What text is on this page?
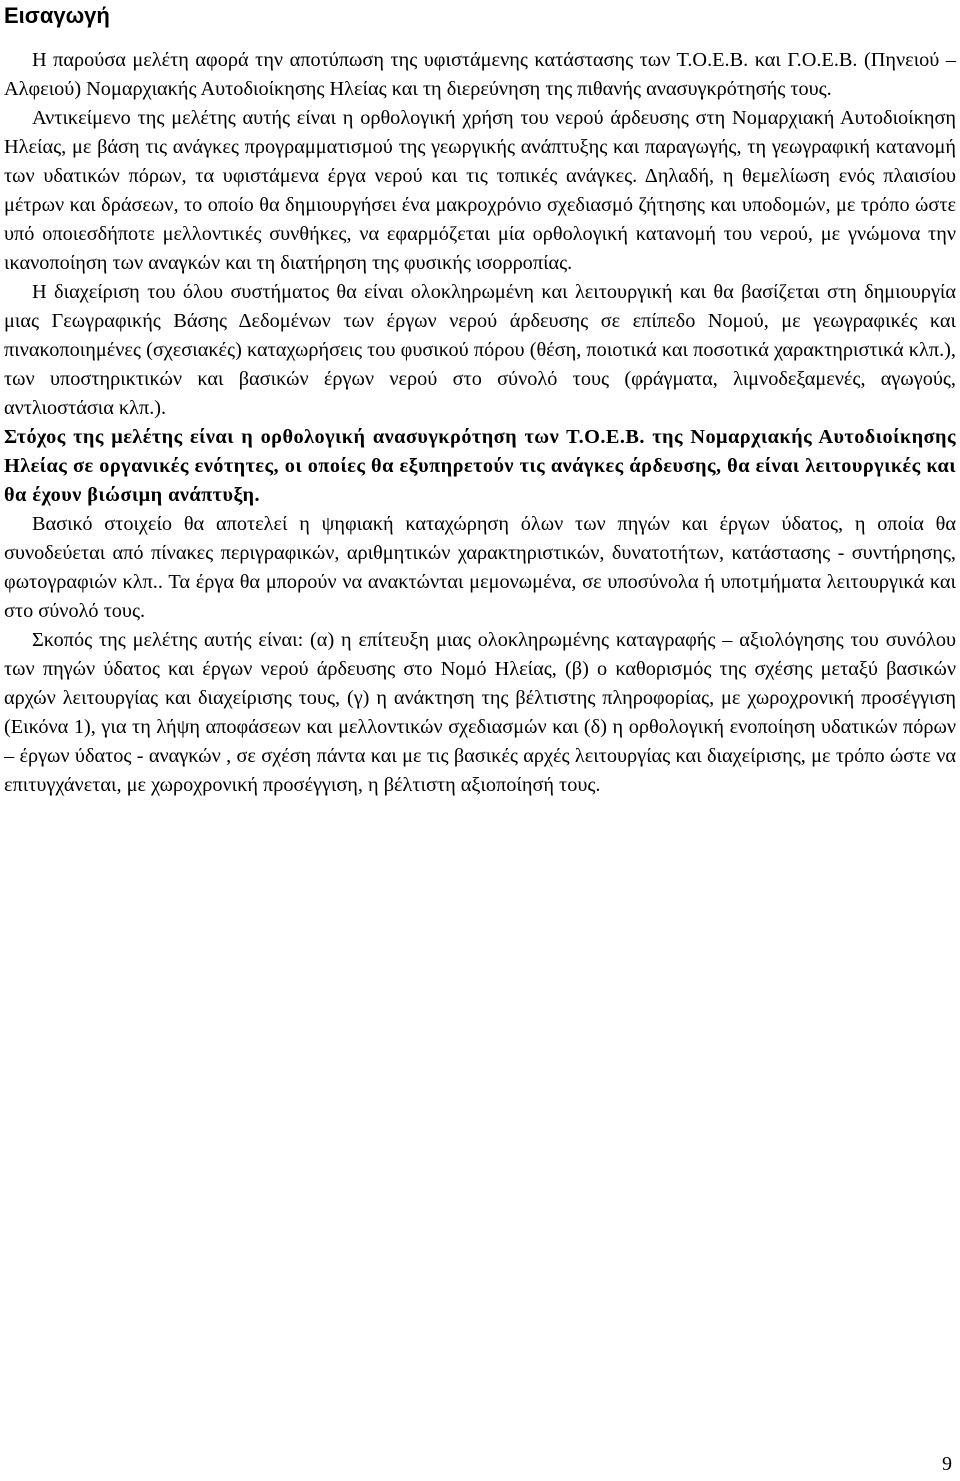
Εισαγωγή

Η παρούσα μελέτη αφορά την αποτύπωση της υφιστάμενης κατάστασης των Τ.Ο.Ε.Β. και Γ.Ο.Ε.Β. (Πηνειού – Αλφειού) Νομαρχιακής Αυτοδιοίκησης Ηλείας και τη διερεύνηση της πιθανής ανασυγκρότησής τους.

Αντικείμενο της μελέτης αυτής είναι η ορθολογική χρήση του νερού άρδευσης στη Νομαρχιακή Αυτοδιοίκηση Ηλείας, με βάση τις ανάγκες προγραμματισμού της γεωργικής ανάπτυξης και παραγωγής, τη γεωγραφική κατανομή των υδατικών πόρων, τα υφιστάμενα έργα νερού και τις τοπικές ανάγκες. Δηλαδή, η θεμελίωση ενός πλαισίου μέτρων και δράσεων, το οποίο θα δημιουργήσει ένα μακροχρόνιο σχεδιασμό ζήτησης και υποδομών, με τρόπο ώστε υπό οποιεσδήποτε μελλοντικές συνθήκες, να εφαρμόζεται μία ορθολογική κατανομή του νερού, με γνώμονα την ικανοποίηση των αναγκών και τη διατήρηση της φυσικής ισορροπίας.

Η διαχείριση του όλου συστήματος θα είναι ολοκληρωμένη και λειτουργική και θα βασίζεται στη δημιουργία μιας Γεωγραφικής Βάσης Δεδομένων των έργων νερού άρδευσης σε επίπεδο Νομού, με γεωγραφικές και πινακοποιημένες (σχεσιακές) καταχωρήσεις του φυσικού πόρου (θέση, ποιοτικά και ποσοτικά χαρακτηριστικά κλπ.), των υποστηρικτικών και βασικών έργων νερού στο σύνολό τους (φράγματα, λιμνοδεξαμενές, αγωγούς, αντλιοστάσια κλπ.).

Στόχος της μελέτης είναι η ορθολογική ανασυγκρότηση των Τ.Ο.Ε.Β. της Νομαρχιακής Αυτοδιοίκησης Ηλείας σε οργανικές ενότητες, οι οποίες θα εξυπηρετούν τις ανάγκες άρδευσης, θα είναι λειτουργικές και θα έχουν βιώσιμη ανάπτυξη.

Βασικό στοιχείο θα αποτελεί η ψηφιακή καταχώρηση όλων των πηγών και έργων ύδατος, η οποία θα συνοδεύεται από πίνακες περιγραφικών, αριθμητικών χαρακτηριστικών, δυνατοτήτων, κατάστασης - συντήρησης, φωτογραφιών κλπ.. Τα έργα θα μπορούν να ανακτώνται μεμονωμένα, σε υποσύνολα ή υποτμήματα λειτουργικά και στο σύνολό τους.

Σκοπός της μελέτης αυτής είναι: (α) η επίτευξη μιας ολοκληρωμένης καταγραφής – αξιολόγησης του συνόλου των πηγών ύδατος και έργων νερού άρδευσης στο Νομό Ηλείας, (β) ο καθορισμός της σχέσης μεταξύ βασικών αρχών λειτουργίας και διαχείρισης τους, (γ) η ανάκτηση της βέλτιστης πληροφορίας, με χωροχρονική προσέγγιση (Εικόνα 1), για τη λήψη αποφάσεων και μελλοντικών σχεδιασμών και (δ) η ορθολογική ενοποίηση υδατικών πόρων – έργων ύδατος - αναγκών , σε σχέση πάντα και με τις βασικές αρχές λειτουργίας και διαχείρισης, με τρόπο ώστε να επιτυγχάνεται, με χωροχρονική προσέγγιση, η βέλτιστη αξιοποίησή τους.

9
